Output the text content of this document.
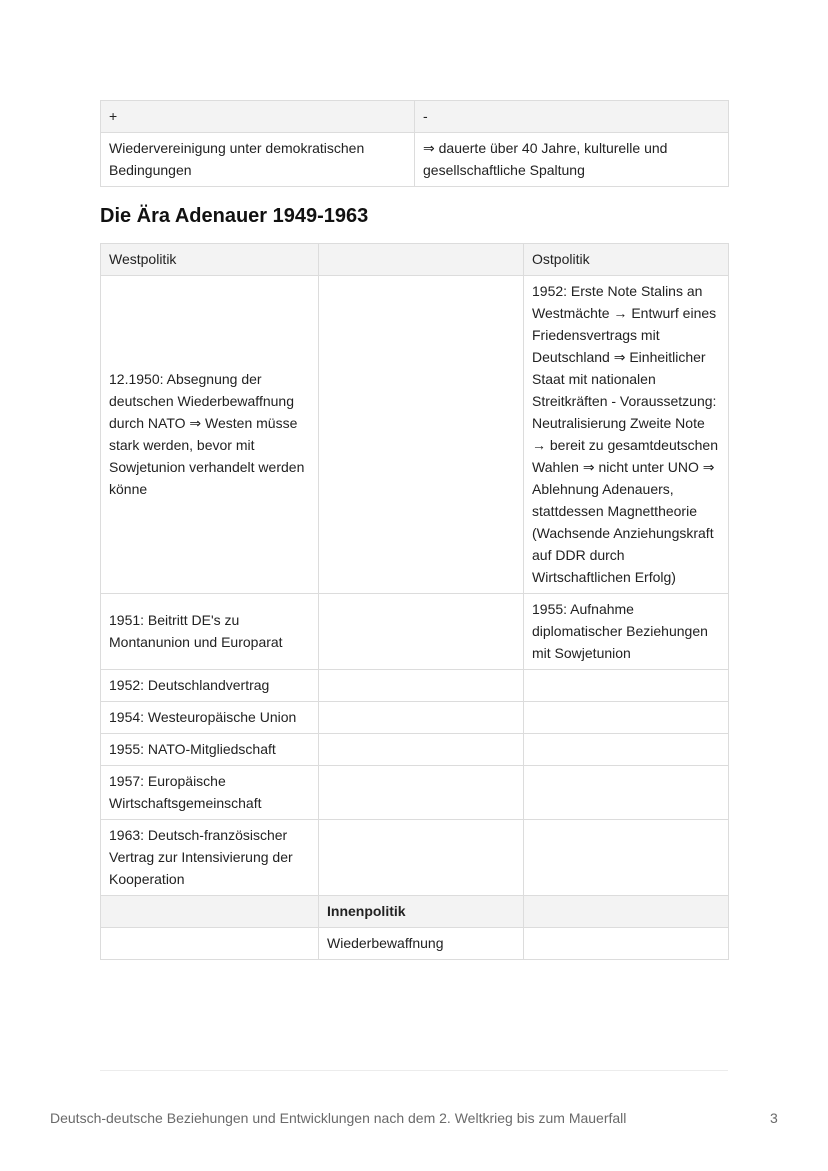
+	-
Wiedervereinigung unter demokratischen Bedingungen	⇒ dauerte über 40 Jahre, kulturelle und gesellschaftliche Spaltung
Die Ära Adenauer 1949-1963
Westpolitik		Ostpolitik
12.1950: Absegnung der deutschen Wiederbewaffnung durch NATO ⇒ Westen müsse stark werden, bevor mit Sowjetunion verhandelt werden könne		1952: Erste Note Stalins an Westmächte → Entwurf eines Friedensvertrags mit Deutschland ⇒ Einheitlicher Staat mit nationalen Streitkräften - Voraussetzung: Neutralisierung Zweite Note → bereit zu gesamtdeutschen Wahlen ⇒ nicht unter UNO ⇒ Ablehnung Adenauers, stattdessen Magnettheorie (Wachsende Anziehungskraft auf DDR durch Wirtschaftlichen Erfolg)
1951: Beitritt DE's zu Montanunion und Europarat		1955: Aufnahme diplomatischer Beziehungen mit Sowjetunion
1952: Deutschlandvertrag		
1954: Westeuropäische Union		
1955: NATO-Mitgliedschaft		
1957: Europäische Wirtschaftsgemeinschaft		
1963: Deutsch-französischer Vertrag zur Intensivierung der Kooperation		
	Innenpolitik	
	Wiederbewaffnung	
Deutsch-deutsche Beziehungen und Entwicklungen nach dem 2. Weltkrieg bis zum Mauerfall	3
